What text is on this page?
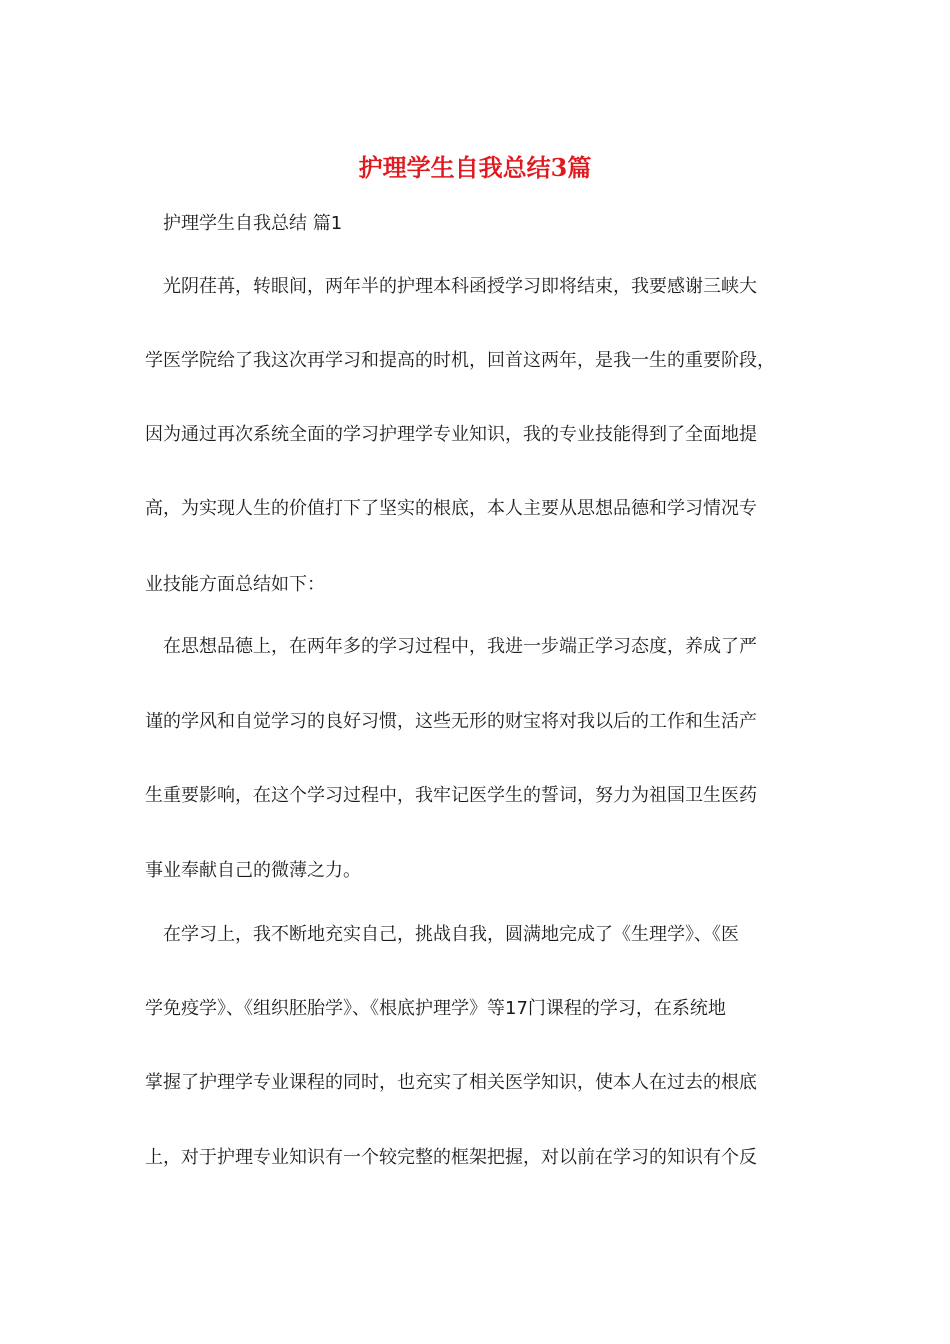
护理学生自我总结3篇

护理学生自我总结 篇1

光阴荏苒，转眼间，两年半的护理本科函授学习即将结束，我要感谢三峡大

学医学院给了我这次再学习和提高的时机，回首这两年，是我一生的重要阶段，

因为通过再次系统全面的学习护理学专业知识，我的专业技能得到了全面地提

高，为实现人生的价值打下了坚实的根底，本人主要从思想品德和学习情况专

业技能方面总结如下：

在思想品德上，在两年多的学习过程中，我进一步端正学习态度，养成了严

谨的学风和自觉学习的良好习惯，这些无形的财宝将对我以后的工作和生活产

生重要影响，在这个学习过程中，我牢记医学生的誓词，努力为祖国卫生医药

事业奉献自己的微薄之力。

在学习上，我不断地充实自己，挑战自我，圆满地完成了《生理学》、《医

学免疫学》、《组织胚胎学》、《根底护理学》等17门课程的学习，在系统地

掌握了护理学专业课程的同时，也充实了相关医学知识，使本人在过去的根底

上，对于护理专业知识有一个较完整的框架把握，对以前在学习的知识有个反
